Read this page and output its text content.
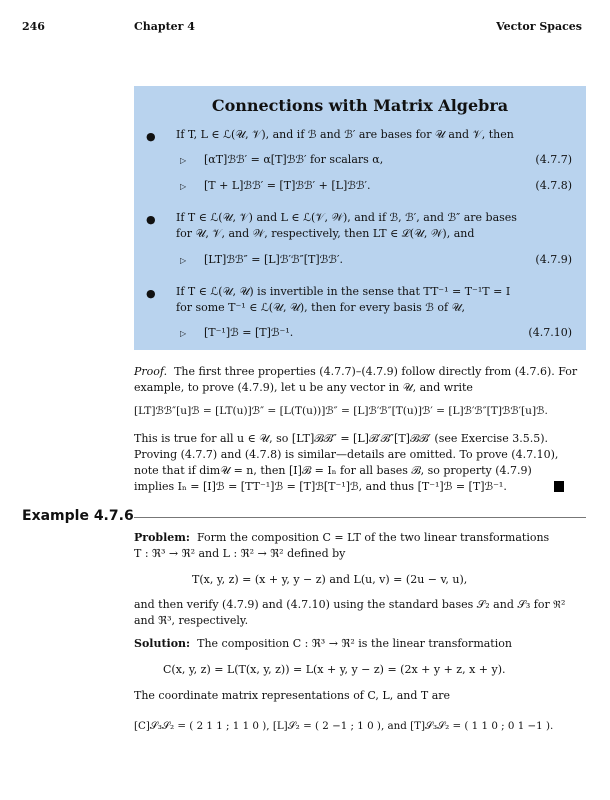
246	Chapter 4	Vector Spaces
Connections with Matrix Algebra
● If T, L ∈ ℒ(𝒰, 𝒱), and if ℬ and ℬ′ are bases for 𝒰 and 𝒱, then
▷ [αT]ℬℬ′ = α[T]ℬℬ′ for scalars α,	(4.7.7)
▷ [T + L]ℬℬ′ = [T]ℬℬ′ + [L]ℬℬ′.	(4.7.8)
● If T ∈ ℒ(𝒰, 𝒱) and L ∈ ℒ(𝒱, 𝒲), and if ℬ, ℬ′, and ℬ″ are bases
for 𝒰, 𝒱, and 𝒲, respectively, then LT ∈ ℒ(𝒰, 𝒲), and
▷ [LT]ℬℬ″ = [L]ℬ′ℬ″[T]ℬℬ′.	(4.7.9)
● If T ∈ ℒ(𝒰, 𝒰) is invertible in the sense that TT⁻¹ = T⁻¹T = I
for some T⁻¹ ∈ ℒ(𝒰, 𝒰), then for every basis ℬ of 𝒰,
▷ [T⁻¹]ℬ = [T]ℬ⁻¹.	(4.7.10)
Proof. The first three properties (4.7.7)–(4.7.9) follow directly from (4.7.6). For
example, to prove (4.7.9), let u be any vector in 𝒰, and write
[LT]ℬℬ″[u]ℬ = [LT(u)]ℬ″ = [L(T(u))]ℬ″ = [L]ℬ′ℬ″[T(u)]ℬ′ = [L]ℬ′ℬ″[T]ℬℬ′[u]ℬ.
This is true for all u ∈ 𝒰, so [LT]ℬℬ″ = [L]ℬ′ℬ″[T]ℬℬ′ (see Exercise 3.5.5).
Proving (4.7.7) and (4.7.8) is similar—details are omitted. To prove (4.7.10),
note that if dim𝒰 = n, then [I]ℬ = Iₙ for all bases ℬ, so property (4.7.9)
implies Iₙ = [I]ℬ = [TT⁻¹]ℬ = [T]ℬ[T⁻¹]ℬ, and thus [T⁻¹]ℬ = [T]ℬ⁻¹.
Example 4.7.6
Problem: Form the composition C = LT of the two linear transformations
T : ℜ³ → ℜ² and L : ℜ² → ℜ² defined by
T(x, y, z) = (x + y, y − z) and L(u, v) = (2u − v, u),
and then verify (4.7.9) and (4.7.10) using the standard bases 𝒮₂ and 𝒮₃ for ℜ²
and ℜ³, respectively.
Solution: The composition C : ℜ³ → ℜ² is the linear transformation
C(x, y, z) = L(T(x, y, z)) = L(x + y, y − z) = (2x + y + z, x + y).
The coordinate matrix representations of C, L, and T are
[C]𝒮₃𝒮₂ = ( 2 1 1 ; 1 1 0 ), [L]𝒮₂ = ( 2 −1 ; 1 0 ), and [T]𝒮₃𝒮₂ = ( 1 1 0 ; 0 1 −1 ).
